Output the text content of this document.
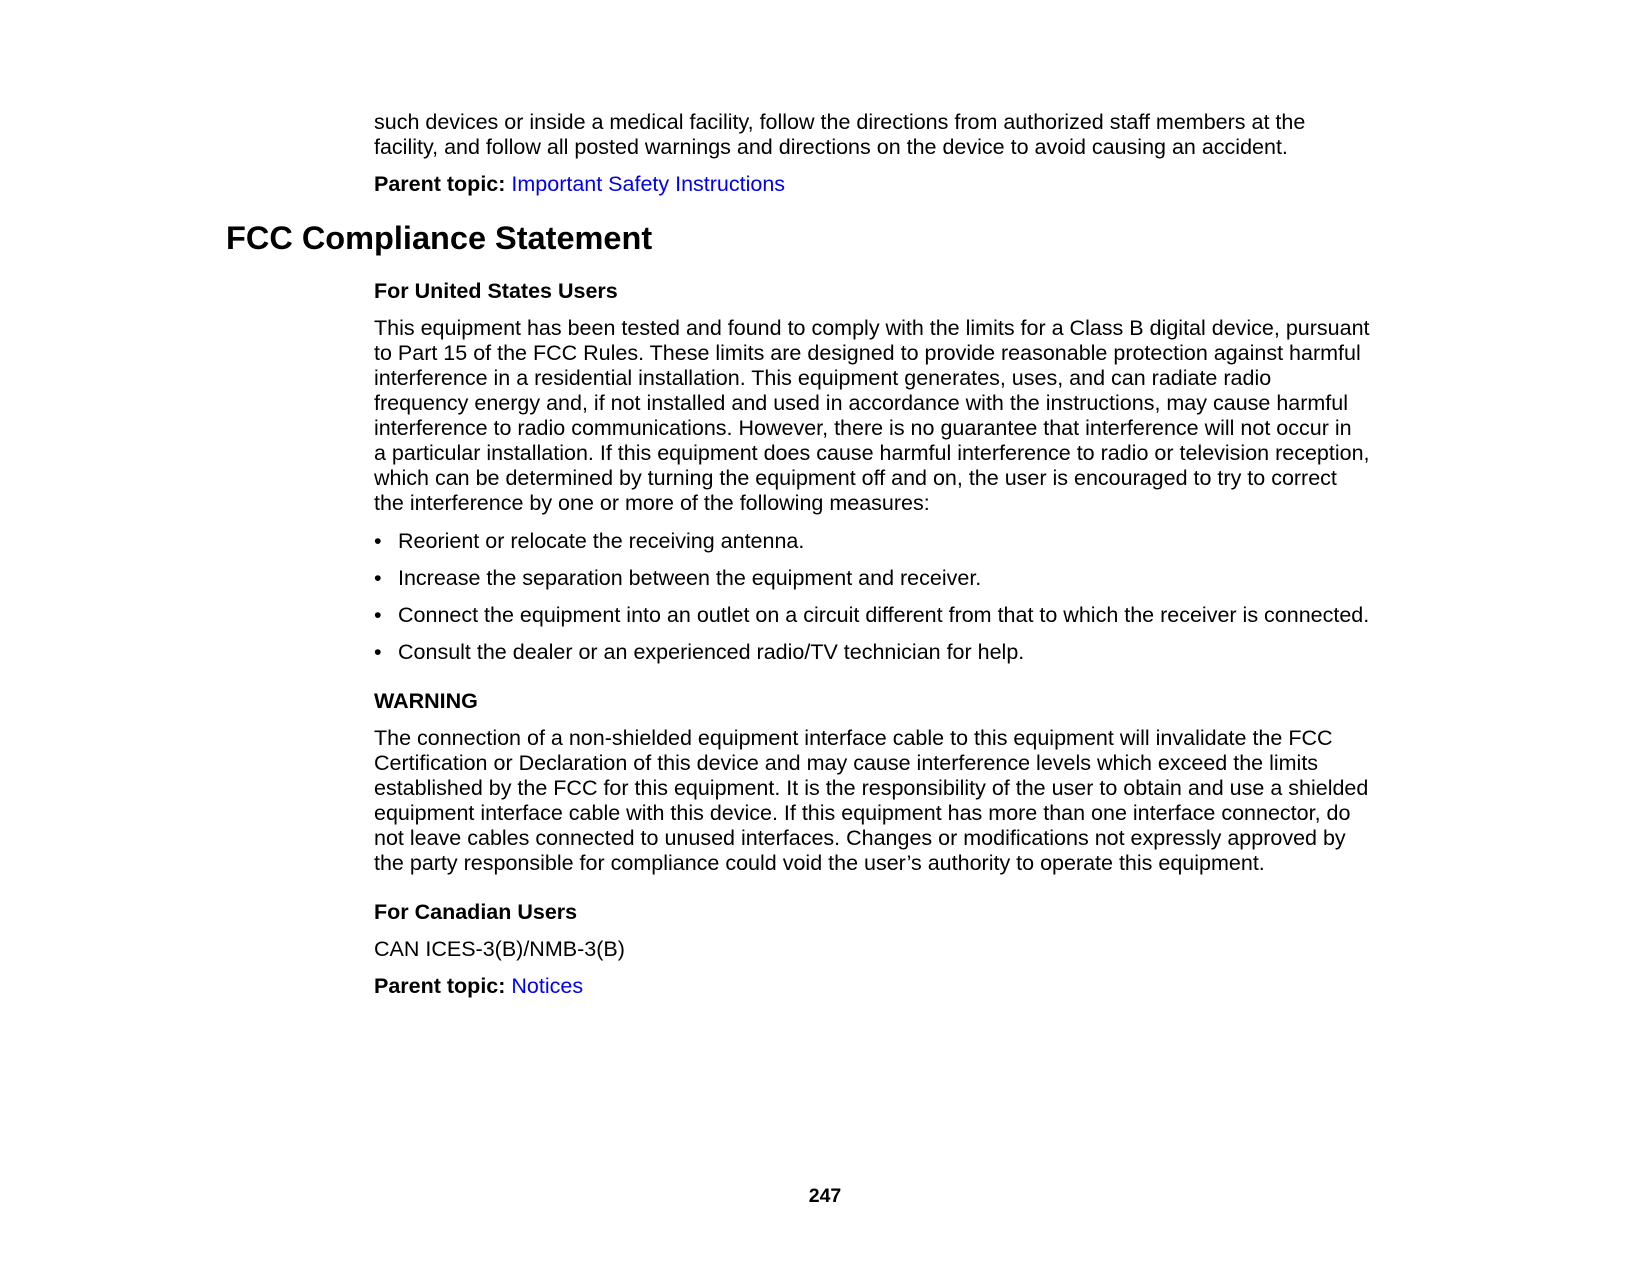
such devices or inside a medical facility, follow the directions from authorized staff members at the
facility, and follow all posted warnings and directions on the device to avoid causing an accident.
Parent topic: Important Safety Instructions
FCC Compliance Statement
For United States Users
This equipment has been tested and found to comply with the limits for a Class B digital device, pursuant
to Part 15 of the FCC Rules. These limits are designed to provide reasonable protection against harmful
interference in a residential installation. This equipment generates, uses, and can radiate radio
frequency energy and, if not installed and used in accordance with the instructions, may cause harmful
interference to radio communications. However, there is no guarantee that interference will not occur in
a particular installation. If this equipment does cause harmful interference to radio or television reception,
which can be determined by turning the equipment off and on, the user is encouraged to try to correct
the interference by one or more of the following measures:
• Reorient or relocate the receiving antenna.
• Increase the separation between the equipment and receiver.
• Connect the equipment into an outlet on a circuit different from that to which the receiver is connected.
• Consult the dealer or an experienced radio/TV technician for help.
WARNING
The connection of a non-shielded equipment interface cable to this equipment will invalidate the FCC
Certification or Declaration of this device and may cause interference levels which exceed the limits
established by the FCC for this equipment. It is the responsibility of the user to obtain and use a shielded
equipment interface cable with this device. If this equipment has more than one interface connector, do
not leave cables connected to unused interfaces. Changes or modifications not expressly approved by
the party responsible for compliance could void the user’s authority to operate this equipment.
For Canadian Users
CAN ICES-3(B)/NMB-3(B)
Parent topic: Notices
247
